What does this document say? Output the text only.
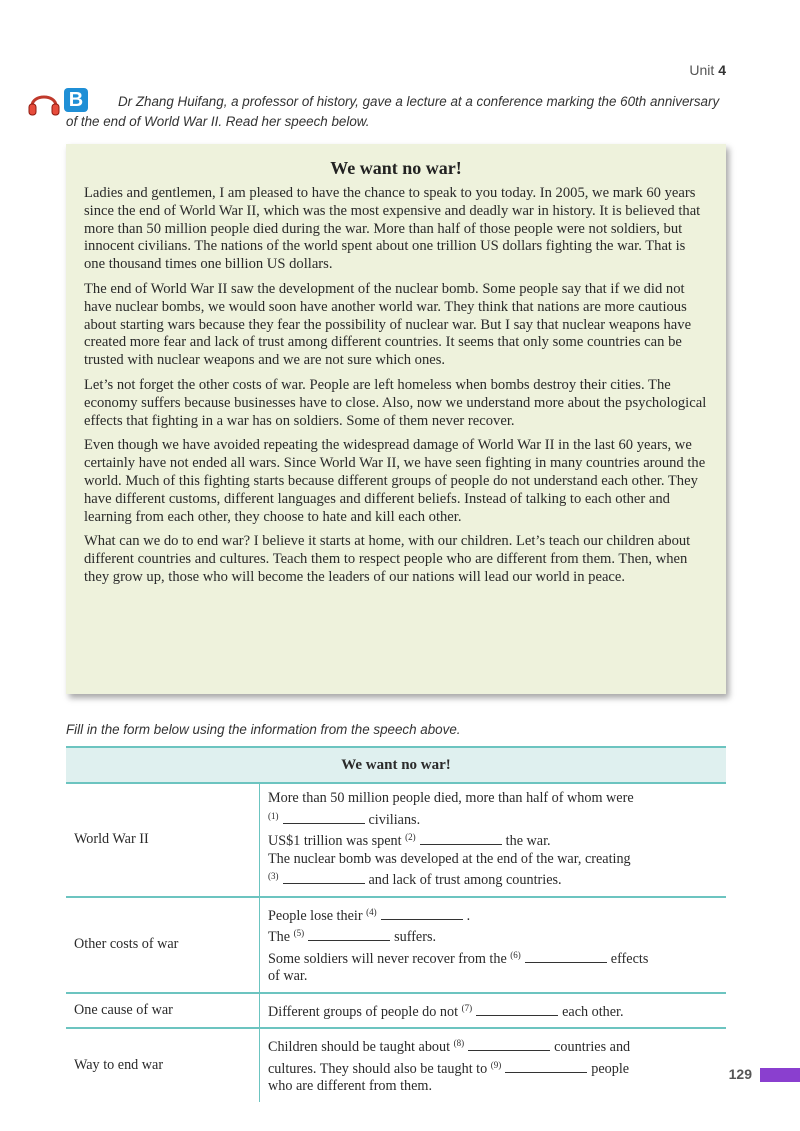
Unit 4
B	Dr Zhang Huifang, a professor of history, gave a lecture at a conference marking the 60th anniversary of the end of World War II. Read her speech below.
We want no war!

Ladies and gentlemen, I am pleased to have the chance to speak to you today. In 2005, we mark 60 years since the end of World War II, which was the most expensive and deadly war in history. It is believed that more than 50 million people died during the war. More than half of those people were not soldiers, but innocent civilians. The nations of the world spent about one trillion US dollars fighting the war. That is one thousand times one billion US dollars.

The end of World War II saw the development of the nuclear bomb. Some people say that if we did not have nuclear bombs, we would soon have another world war. They think that nations are more cautious about starting wars because they fear the possibility of nuclear war. But I say that nuclear weapons have created more fear and lack of trust among different countries. It seems that only some countries can be trusted with nuclear weapons and we are not sure which ones.

Let’s not forget the other costs of war. People are left homeless when bombs destroy their cities. The economy suffers because businesses have to close. Also, now we understand more about the psychological effects that fighting in a war has on soldiers. Some of them never recover.

Even though we have avoided repeating the widespread damage of World War II in the last 60 years, we certainly have not ended all wars. Since World War II, we have seen fighting in many countries around the world. Much of this fighting starts because different groups of people do not understand each other. They have different customs, different languages and different beliefs. Instead of talking to each other and learning from each other, they choose to hate and kill each other.

What can we do to end war? I believe it starts at home, with our children. Let’s teach our children about different countries and cultures. Teach them to respect people who are different from them. Then, when they grow up, those who will become the leaders of our nations will lead our world in peace.

Fill in the form below using the information from the speech above.
We want no war!	
World War II	More than 50 million people died, more than half of whom were
$^{(1)}$ civilians.
US$1 trillion was spent $^{(2)}$ the war.
The nuclear bomb was developed at the end of the war, creating
$^{(3)}$ and lack of trust among countries.
Other costs of war	People lose their $^{(4)}$ .
The $^{(5)}$ suffers.
Some soldiers will never recover from the $^{(6)}$ effects
of war.
One cause of war	Different groups of people do not $^{(7)}$ each other.
Way to end war	Children should be taught about $^{(8)}$ countries and
cultures. They should also be taught to $^{(9)}$ people
who are different from them.
129
